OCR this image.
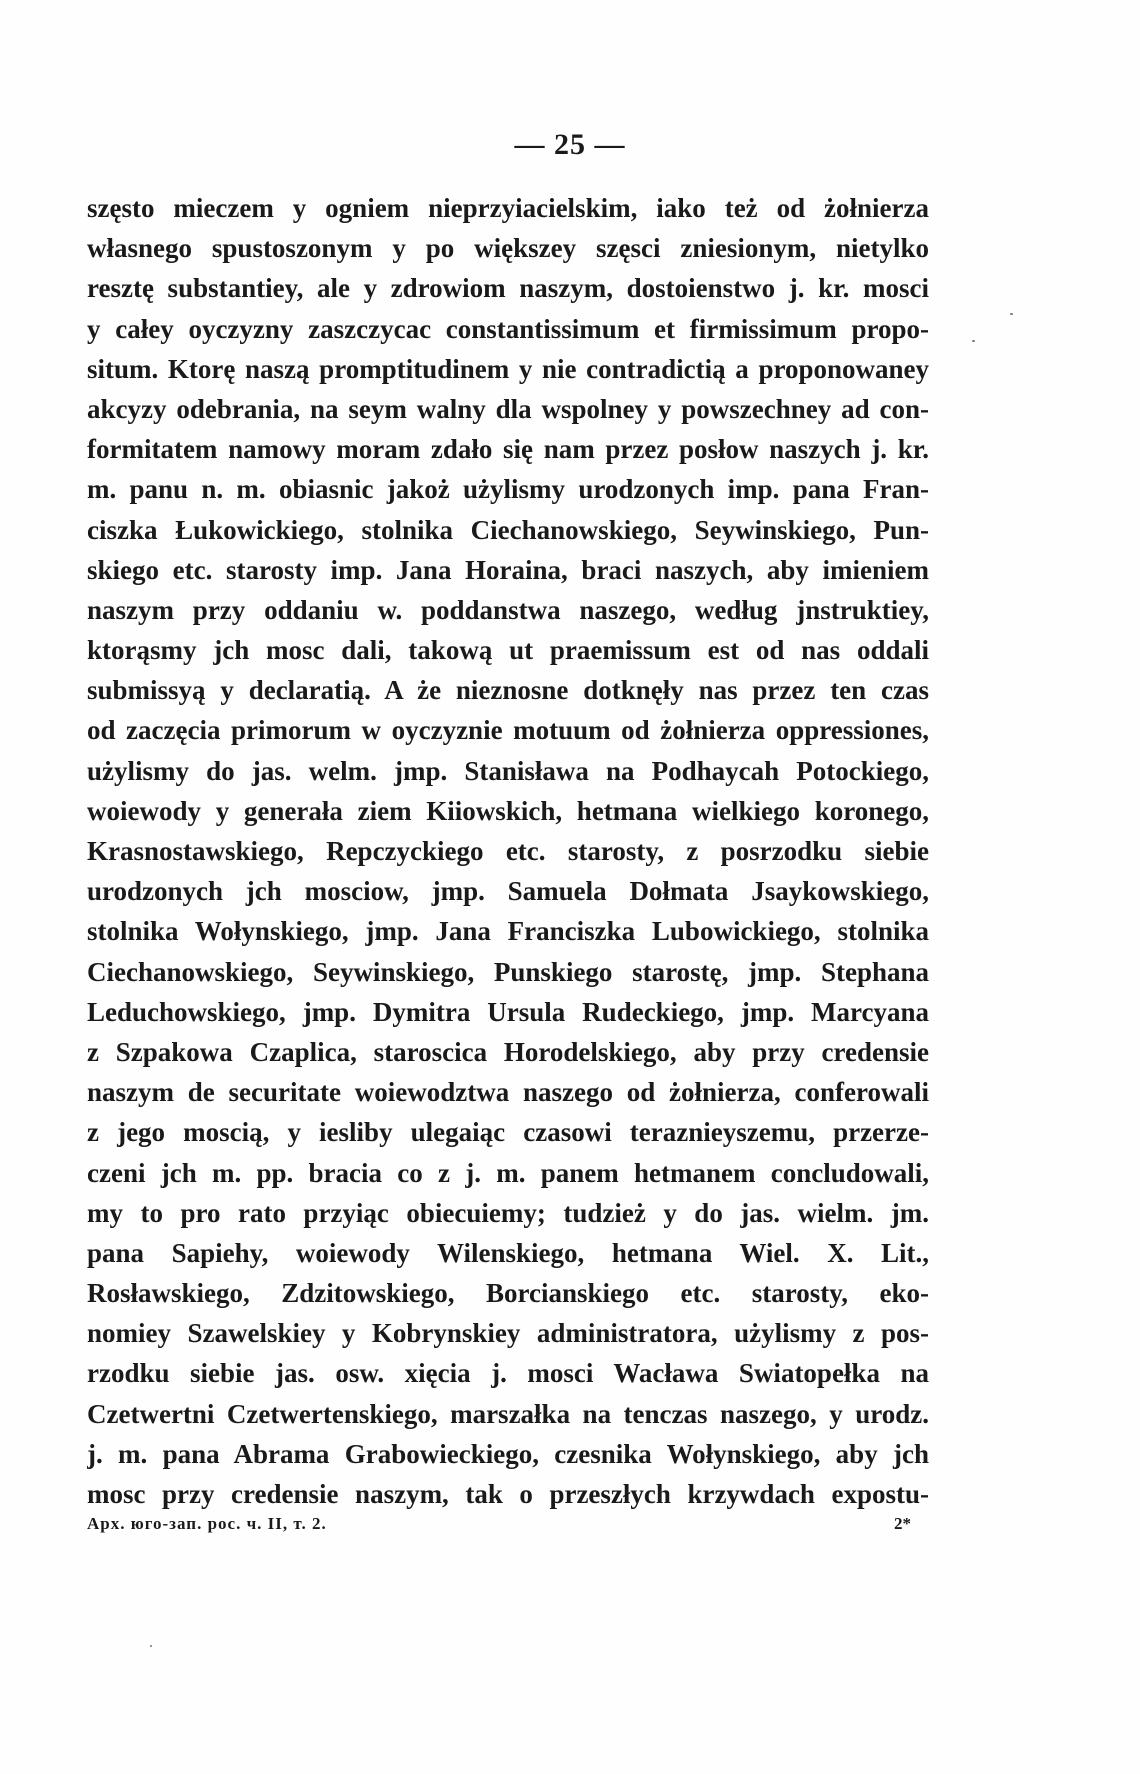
— 25 —
szęsto mieczem y ogniem nieprzyiacielskim, iako też od żołnierza
własnego spustoszonym y po większey szęsci zniesionym, nietylko
resztę substantiey, ale y zdrowiom naszym, dostoienstwo j. kr. mosci
y całey oyczyzny zaszczycac constantissimum et firmissimum propo-
situm. Ktorę naszą promptitudinem y nie contradictią a proponowaney
akcyzy odebrania, na seym walny dla wspolney y powszechney ad con-
formitatem namowy moram zdało się nam przez posłow naszych j. kr.
m. panu n. m. obiasnic jakoż użylismy urodzonych imp. pana Fran-
ciszka Łukowickiego, stolnika Ciechanowskiego, Seywinskiego, Pun-
skiego etc. starosty imp. Jana Horaina, braci naszych, aby imieniem
naszym przy oddaniu w. poddanstwa naszego, według jnstruktiey,
ktorąsmy jch mosc dali, takową ut praemissum est od nas oddali
submissyą y declaratią. A że nieznosne dotknęły nas przez ten czas
od zaczęcia primorum w oyczyznie motuum od żołnierza oppressiones,
użylismy do jas. welm. jmp. Stanisława na Podhaycah Potockiego,
woiewody y generała ziem Kiiowskich, hetmana wielkiego koronego,
Krasnostawskiego, Repczyckiego etc. starosty, z posrzodku siebie
urodzonych jch mosciow, jmp. Samuela Dołmata Jsaykowskiego,
stolnika Wołynskiego, jmp. Jana Franciszka Lubowickiego, stolnika
Ciechanowskiego, Seywinskiego, Punskiego starostę, jmp. Stephana
Leduchowskiego, jmp. Dymitra Ursula Rudeckiego, jmp. Marcyana
z Szpakowa Czaplica, staroscica Horodelskiego, aby przy credensie
naszym de securitate woiewodztwa naszego od żołnierza, conferowali
z jego moscią, y iesliby ulegaiąc czasowi teraznieyszemu, przerze-
czeni jch m. pp. bracia co z j. m. panem hetmanem concludowali,
my to pro rato przyiąc obiecuiemy; tudzież y do jas. wielm. jm.
pana Sapiehy, woiewody Wilenskiego, hetmana Wiel. X. Lit.,
Rosławskiego, Zdzitowskiego, Borcianskiego etc. starosty, eko-
nomiey Szawelskiey y Kobrynskiey administratora, użylismy z pos-
rzodku siebie jas. osw. xięcia j. mosci Wacława Swiatopełka na
Czetwertni Czetwertenskiego, marszałka na tenczas naszego, y urodz.
j. m. pana Abrama Grabowieckiego, czesnika Wołynskiego, aby jch
mosc przy credensie naszym, tak o przeszłych krzywdach expostu-
Арх. юго-зап. рос. ч. II, т. 2.	2*
